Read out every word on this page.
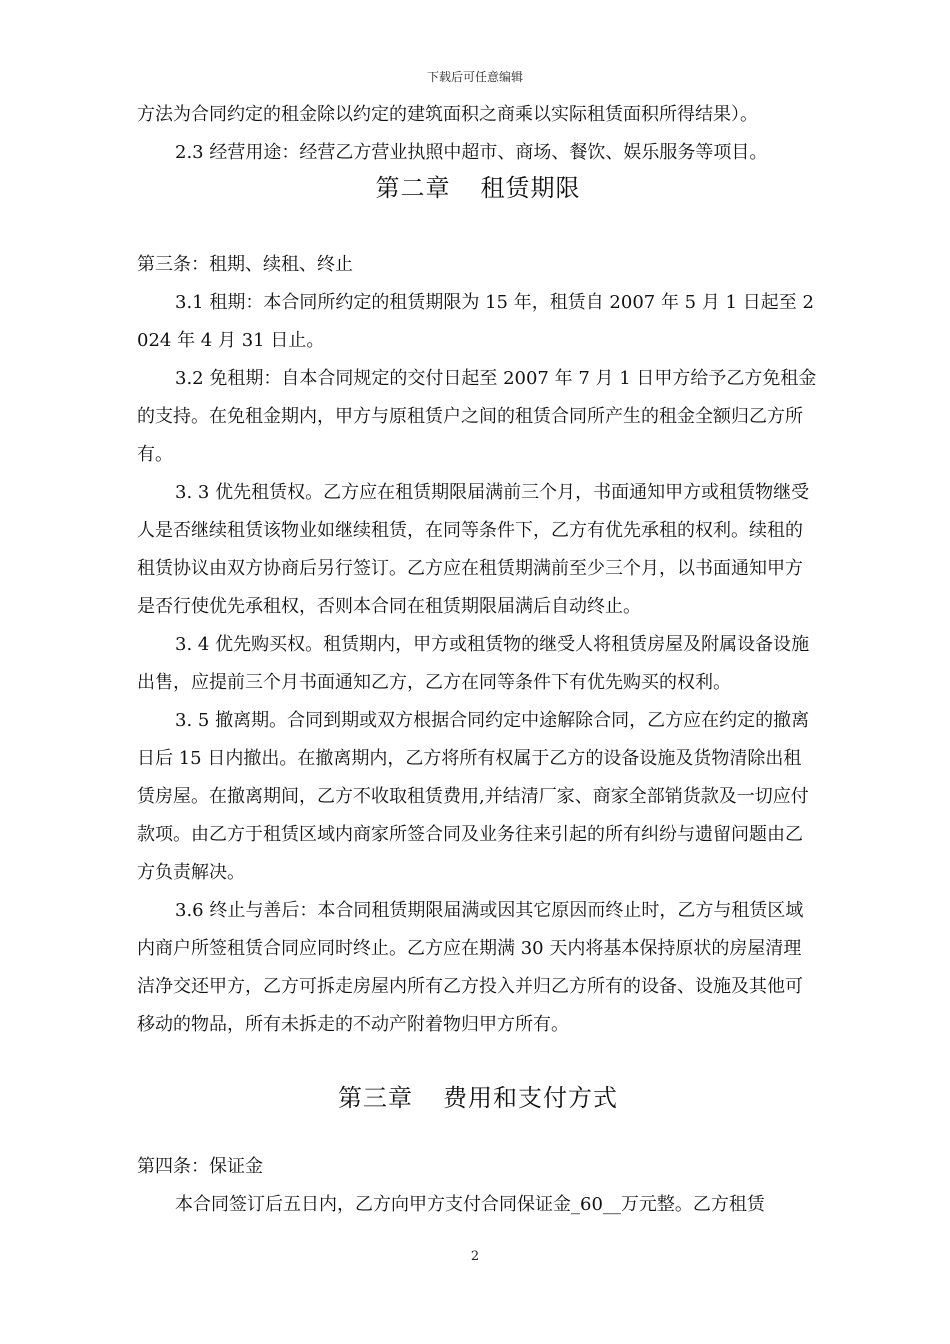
下载后可任意编辑

方法为合同约定的租金除以约定的建筑面积之商乘以实际租赁面积所得结果）。

2.3 经营用途：经营乙方营业执照中超市、商场、餐饮、娱乐服务等项目。

第二章 租赁期限

第三条：租期、续租、终止

3.1 租期：本合同所约定的租赁期限为 15 年，租赁自 2007 年 5 月 1 日起至 2024 年 4 月 31 日止。

3.2 免租期：自本合同规定的交付日起至 2007 年 7 月 1 日甲方给予乙方免租金的支持。在免租金期内，甲方与原租赁户之间的租赁合同所产生的租金全额归乙方所有。

3. 3 优先租赁权。乙方应在租赁期限届满前三个月，书面通知甲方或租赁物继受人是否继续租赁该物业如继续租赁，在同等条件下，乙方有优先承租的权利。续租的租赁协议由双方协商后另行签订。乙方应在租赁期满前至少三个月，以书面通知甲方是否行使优先承租权，否则本合同在租赁期限届满后自动终止。

3. 4 优先购买权。租赁期内，甲方或租赁物的继受人将租赁房屋及附属设备设施出售，应提前三个月书面通知乙方，乙方在同等条件下有优先购买的权利。

3. 5 撤离期。合同到期或双方根据合同约定中途解除合同，乙方应在约定的撤离日后 15 日内撤出。在撤离期内，乙方将所有权属于乙方的设备设施及货物清除出租赁房屋。在撤离期间，乙方不收取租赁费用,并结清厂家、商家全部销货款及一切应付款项。由乙方于租赁区域内商家所签合同及业务往来引起的所有纠纷与遗留问题由乙方负责解决。

3.6 终止与善后：本合同租赁期限届满或因其它原因而终止时，乙方与租赁区域内商户所签租赁合同应同时终止。乙方应在期满 30 天内将基本保持原状的房屋清理洁净交还甲方，乙方可拆走房屋内所有乙方投入并归乙方所有的设备、设施及其他可移动的物品，所有未拆走的不动产附着物归甲方所有。

第三章 费用和支付方式

第四条：保证金

本合同签订后五日内，乙方向甲方支付合同保证金_60__万元整。乙方租赁

2
